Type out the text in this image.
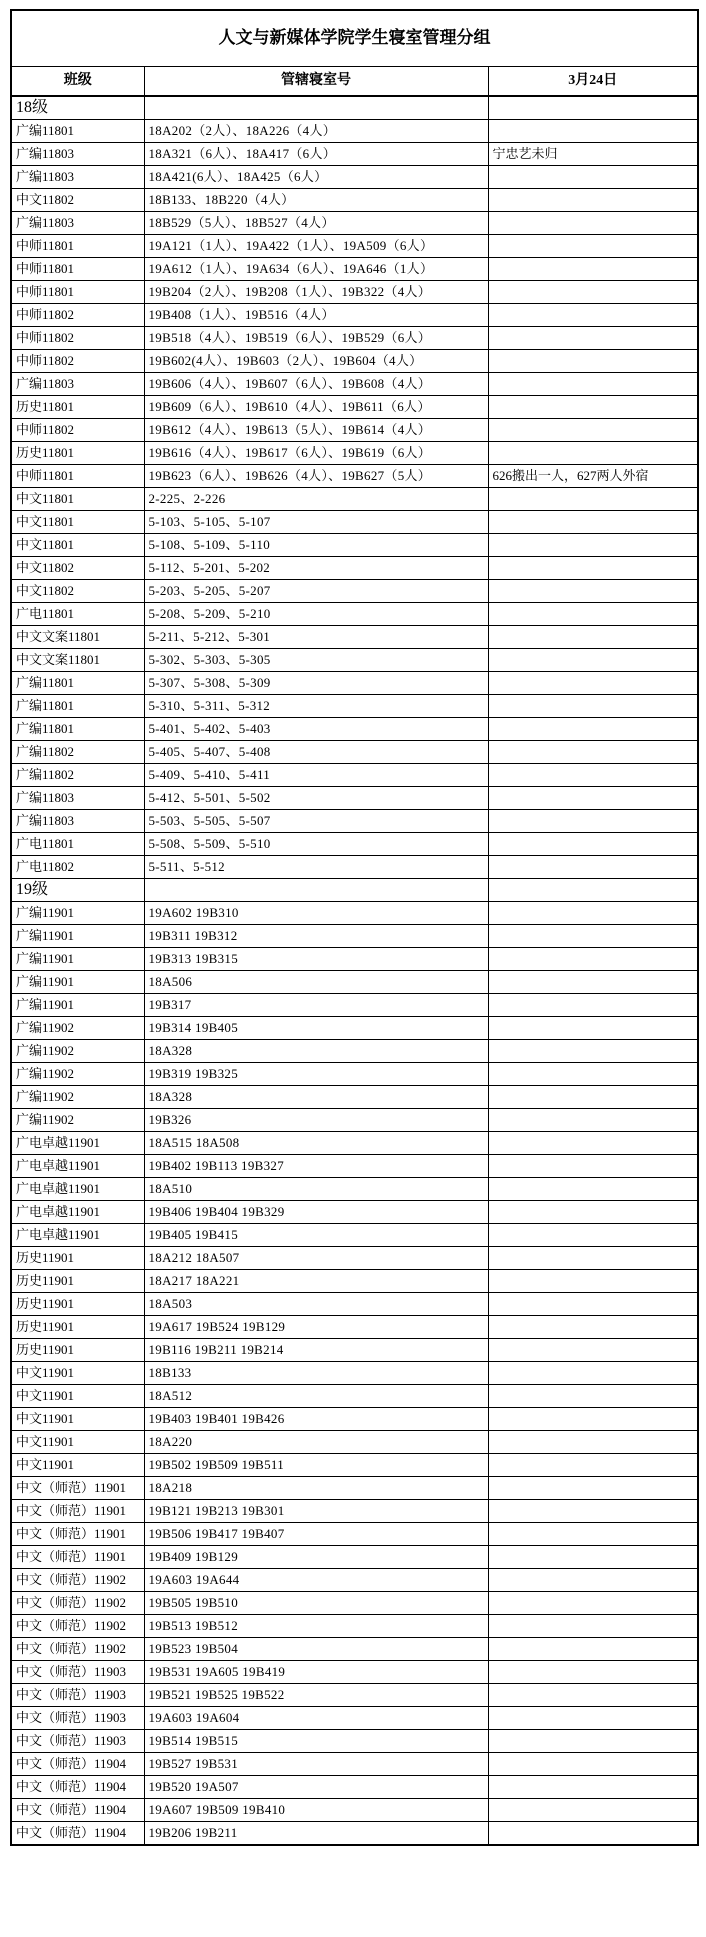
人文与新媒体学院学生寝室管理分组		
班级	管辖寝室号	3月24日
18级		
广编11801	18A202（2人）、18A226（4人）	
广编11803	18A321（6人）、18A417（6人）	宁忠艺未归
广编11803	18A421(6人）、18A425（6人）	
中文11802	18B133、18B220（4人）	
广编11803	18B529（5人）、18B527（4人）	
中师11801	19A121（1人）、19A422（1人）、19A509（6人）	
中师11801	19A612（1人）、19A634（6人）、19A646（1人）	
中师11801	19B204（2人）、19B208（1人）、19B322（4人）	
中师11802	19B408（1人）、19B516（4人）	
中师11802	19B518（4人）、19B519（6人）、19B529（6人）	
中师11802	19B602(4人）、19B603（2人）、19B604（4人）	
广编11803	19B606（4人）、19B607（6人）、19B608（4人）	
历史11801	19B609（6人）、19B610（4人）、19B611（6人）	
中师11802	19B612（4人）、19B613（5人）、19B614（4人）	
历史11801	19B616（4人）、19B617（6人）、19B619（6人）	
中师11801	19B623（6人）、19B626（4人）、19B627（5人）	626搬出一人，627两人外宿
中文11801	2-225、2-226	
中文11801	5-103、5-105、5-107	
中文11801	5-108、5-109、5-110	
中文11802	5-112、5-201、5-202	
中文11802	5-203、5-205、5-207	
广电11801	5-208、5-209、5-210	
中文文案11801	5-211、5-212、5-301	
中文文案11801	5-302、5-303、5-305	
广编11801	5-307、5-308、5-309	
广编11801	5-310、5-311、5-312	
广编11801	5-401、5-402、5-403	
广编11802	5-405、5-407、5-408	
广编11802	5-409、5-410、5-411	
广编11803	5-412、5-501、5-502	
广编11803	5-503、5-505、5-507	
广电11801	5-508、5-509、5-510	
广电11802	5-511、5-512	
19级		
广编11901	19A602 19B310	
广编11901	19B311 19B312	
广编11901	19B313 19B315	
广编11901	18A506	
广编11901	19B317	
广编11902	19B314 19B405	
广编11902	18A328	
广编11902	19B319 19B325	
广编11902	18A328	
广编11902	19B326	
广电卓越11901	18A515 18A508	
广电卓越11901	19B402 19B113 19B327	
广电卓越11901	18A510	
广电卓越11901	19B406 19B404 19B329	
广电卓越11901	19B405 19B415	
历史11901	18A212 18A507	
历史11901	18A217 18A221	
历史11901	18A503	
历史11901	19A617 19B524 19B129	
历史11901	19B116 19B211 19B214	
中文11901	18B133	
中文11901	18A512	
中文11901	19B403 19B401 19B426	
中文11901	18A220	
中文11901	19B502 19B509 19B511	
中文（师范）11901	18A218	
中文（师范）11901	19B121 19B213 19B301	
中文（师范）11901	19B506 19B417 19B407	
中文（师范）11901	19B409 19B129	
中文（师范）11902	19A603 19A644	
中文（师范）11902	19B505 19B510	
中文（师范）11902	19B513 19B512	
中文（师范）11902	19B523 19B504	
中文（师范）11903	19B531 19A605 19B419	
中文（师范）11903	19B521 19B525 19B522	
中文（师范）11903	19A603 19A604	
中文（师范）11903	19B514 19B515	
中文（师范）11904	19B527 19B531	
中文（师范）11904	19B520 19A507	
中文（师范）11904	19A607 19B509 19B410	
中文（师范）11904	19B206 19B211	
